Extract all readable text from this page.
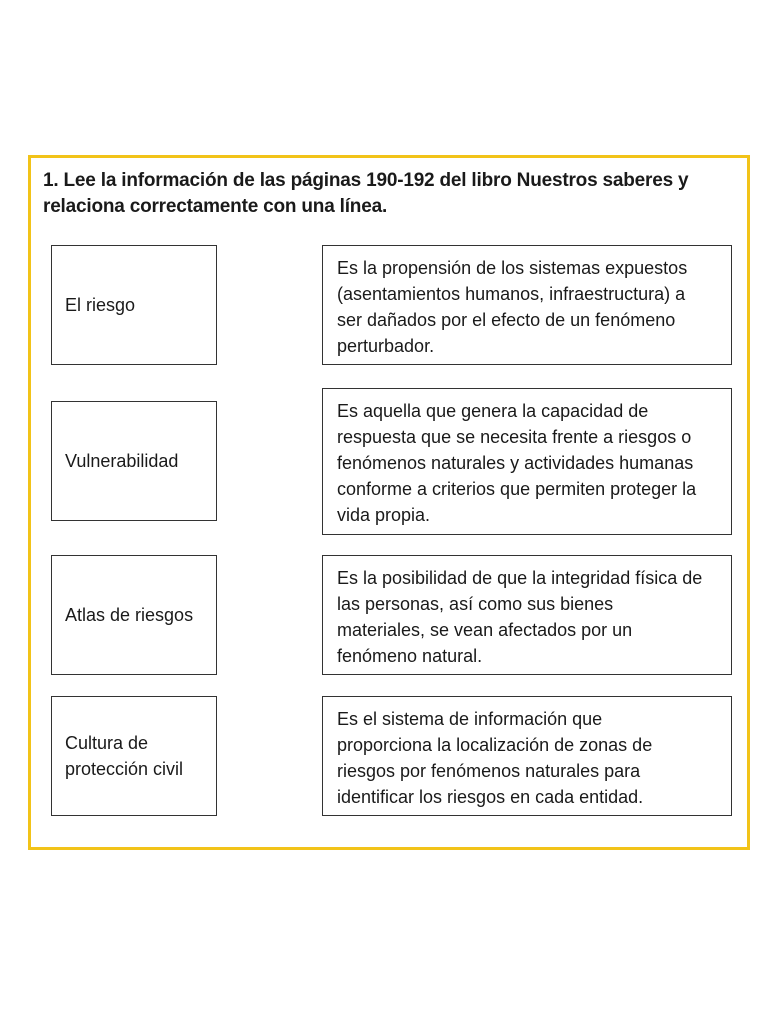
1. Lee la información de las páginas 190-192 del libro Nuestros saberes y
relaciona correctamente con una línea.

El riesgo
Vulnerabilidad
Atlas de riesgos
Cultura de
protección civil
Es la propensión de los sistemas expuestos
(asentamientos humanos, infraestructura) a
ser dañados por el efecto de un fenómeno
perturbador.
Es aquella que genera la capacidad de
respuesta que se necesita frente a riesgos o
fenómenos naturales y actividades humanas
conforme a criterios que permiten proteger la
vida propia.
Es la posibilidad de que la integridad física de
las personas, así como sus bienes
materiales, se vean afectados por un
fenómeno natural.
Es el sistema de información que
proporciona la localización de zonas de
riesgos por fenómenos naturales para
identificar los riesgos en cada entidad.
